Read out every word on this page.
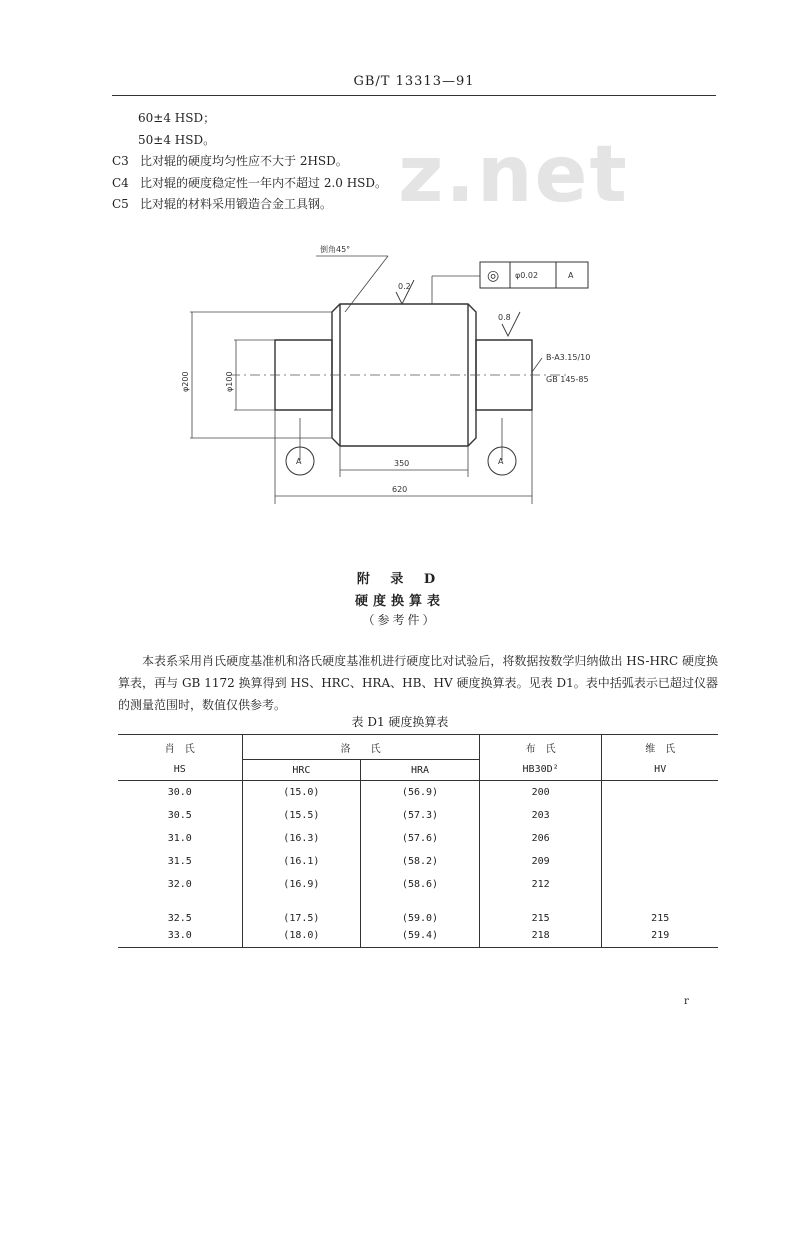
GB/T 13313—91
z.net
60±4 HSD；
50±4 HSD。
C3 比对辊的硬度均匀性应不大于 2HSD。
C4 比对辊的硬度稳定性一年内不超过 2.0 HSD。
C5 比对辊的材料采用锻造合金工具钢。
0.2
0.8
◎ φ0.02	A
A	A
φ200	φ100
350
620
B-A3.15/10
GB 145-85
倒角45°
附 录 D
硬度换算表
（参考件）
本表系采用肖氏硬度基准机和洛氏硬度基准机进行硬度比对试验后，将数据按数学归纳做出 HS-HRC 硬度换算表，再与 GB 1172 换算得到 HS、HRC、HRA、HB、HV 硬度换算表。见表 D1。表中括弧表示已超过仪器的测量范围时，数值仅供参考。
表 D1 硬度换算表
肖　氏	洛　　氏		布　氏	维　氏
HS	HRC	HRA	HB30D²	HV
30.0	(15.0)	(56.9)	200	
30.5	(15.5)	(57.3)	203	
31.0	(16.3)	(57.6)	206	
31.5	(16.1)	(58.2)	209	
32.0	(16.9)	(58.6)	212	
32.5	(17.5)	(59.0)	215	215
33.0	(18.0)	(59.4)	218	219
r
